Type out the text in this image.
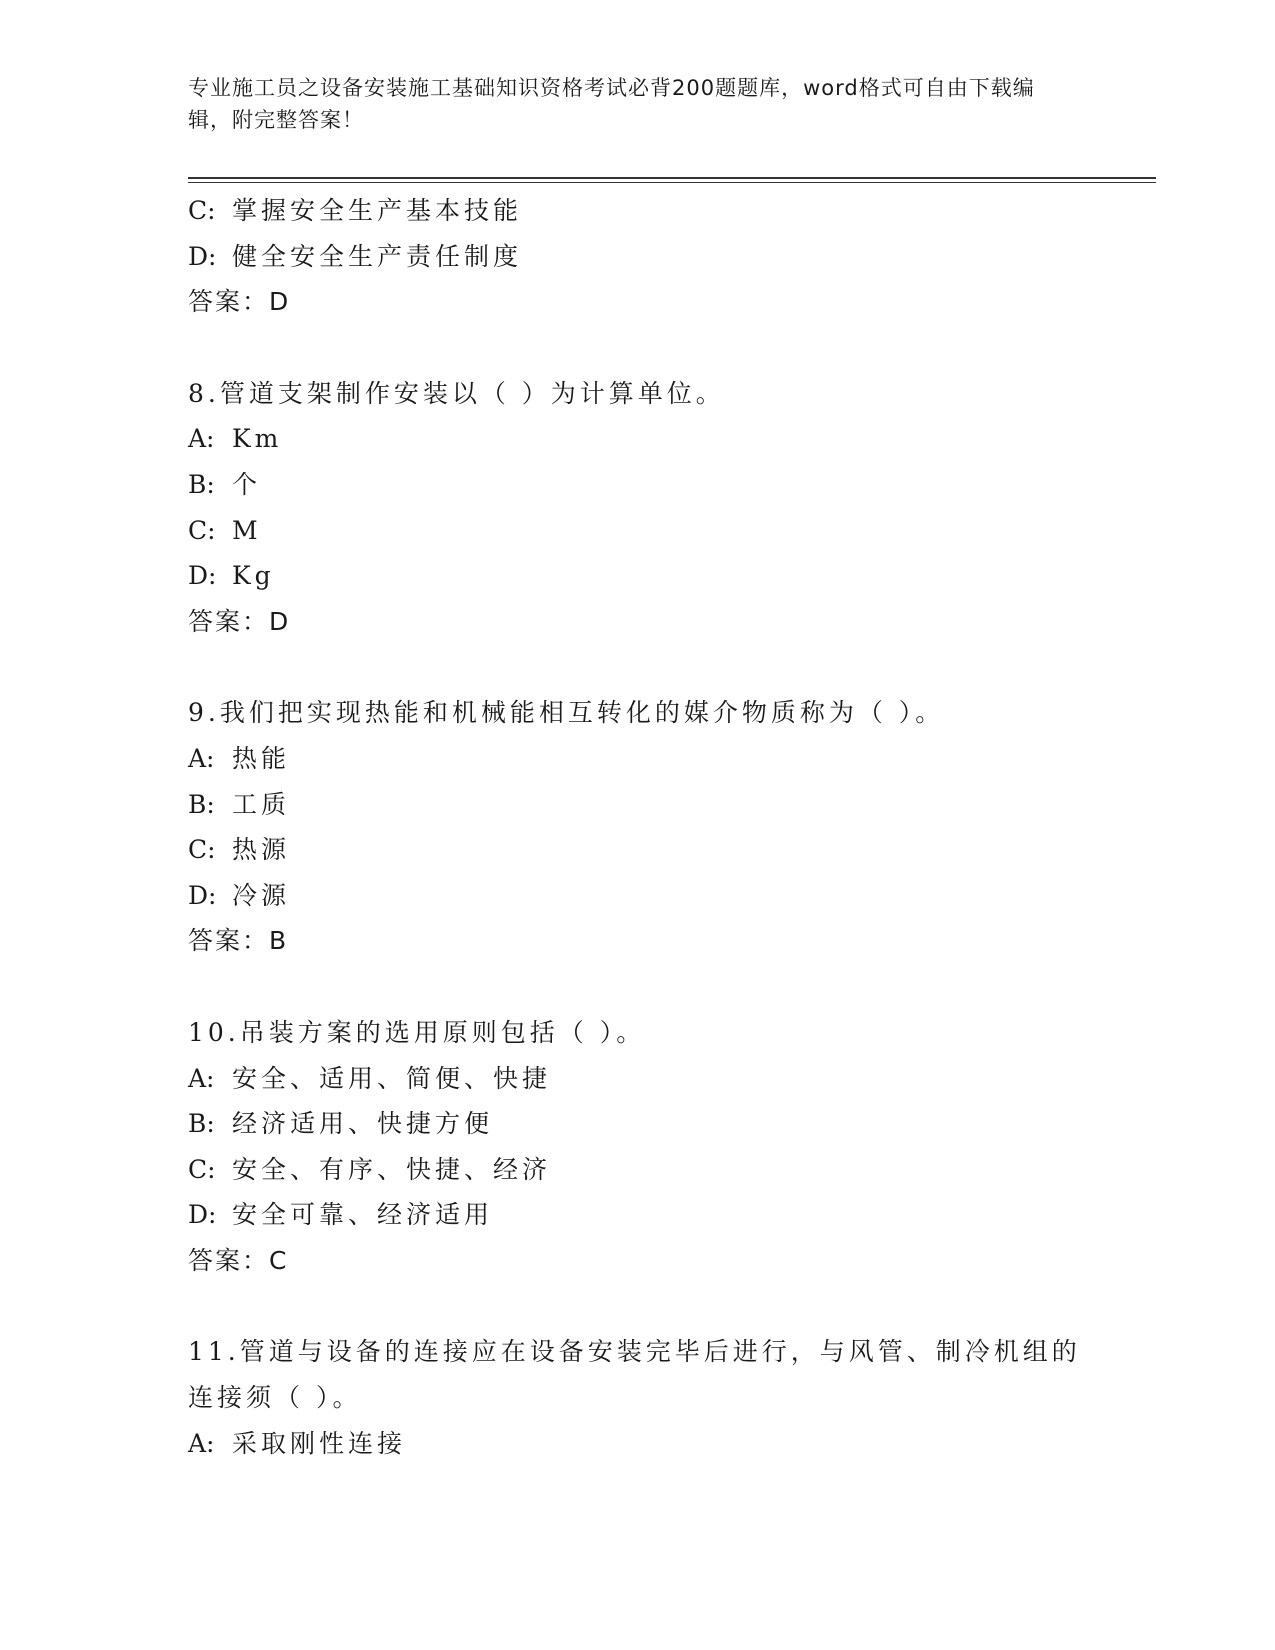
专业施工员之设备安装施工基础知识资格考试必背200题题库，word格式可自由下载编辑，附完整答案！
C: 掌握安全生产基本技能
D: 健全安全生产责任制度
答案：D
8.管道支架制作安装以（ ）为计算单位。
A: Km
B: 个
C: M
D: Kg
答案：D
9.我们把实现热能和机械能相互转化的媒介物质称为（ ）。
A: 热能
B: 工质
C: 热源
D: 冷源
答案：B
10.吊装方案的选用原则包括（ ）。
A: 安全、适用、简便、快捷
B: 经济适用、快捷方便
C: 安全、有序、快捷、经济
D: 安全可靠、经济适用
答案：C
11.管道与设备的连接应在设备安装完毕后进行，与风管、制冷机组的
连接须（ ）。
A: 采取刚性连接
